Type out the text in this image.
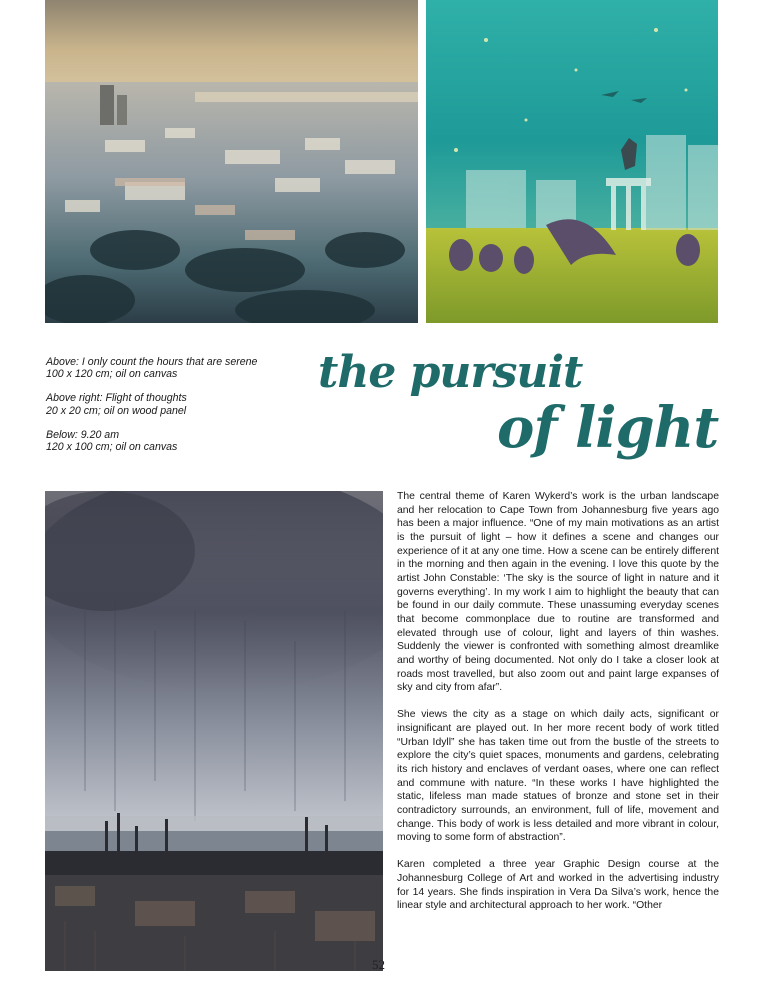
Above: I only count the hours that are serene
100 x 120 cm; oil on canvas
Above right: Flight of thoughts
20 x 20 cm; oil on wood panel
Below: 9.20 am
120 x 100 cm; oil on canvas
the pursuit
of light

The central theme of Karen Wykerd’s work is the urban landscape and her relocation to Cape Town from Johannesburg five years ago has been a major influence. “One of my main motivations as an artist is the pursuit of light – how it defines a scene and changes our experience of it at any one time. How a scene can be entirely different in the morning and then again in the evening. I love this quote by the artist John Constable: ‘The sky is the source of light in nature and it governs everything’. In my work I aim to highlight the beauty that can be found in our daily commute. These unassuming everyday scenes that become commonplace due to routine are transformed and elevated through use of colour, light and layers of thin washes. Suddenly the viewer is confronted with something almost dreamlike and worthy of being documented. Not only do I take a closer look at roads most travelled, but also zoom out and paint large expanses of sky and city from afar”.

She views the city as a stage on which daily acts, significant or insignificant are played out. In her more recent body of work titled “Urban Idyll” she has taken time out from the bustle of the streets to explore the city’s quiet spaces, monuments and gardens, celebrating its rich history and enclaves of verdant oases, where one can reflect and commune with nature. “In these works I have highlighted the static, lifeless man made statues of bronze and stone set in their contradictory surrounds, an environment, full of life, movement and change. This body of work is less detailed and more vibrant in colour, moving to some form of abstraction”.

Karen completed a three year Graphic Design course at the Johannesburg College of Art and worked in the advertising industry for 14 years. She finds inspiration in Vera Da Silva’s work, hence the linear style and architectural approach to her work. “Other

52
